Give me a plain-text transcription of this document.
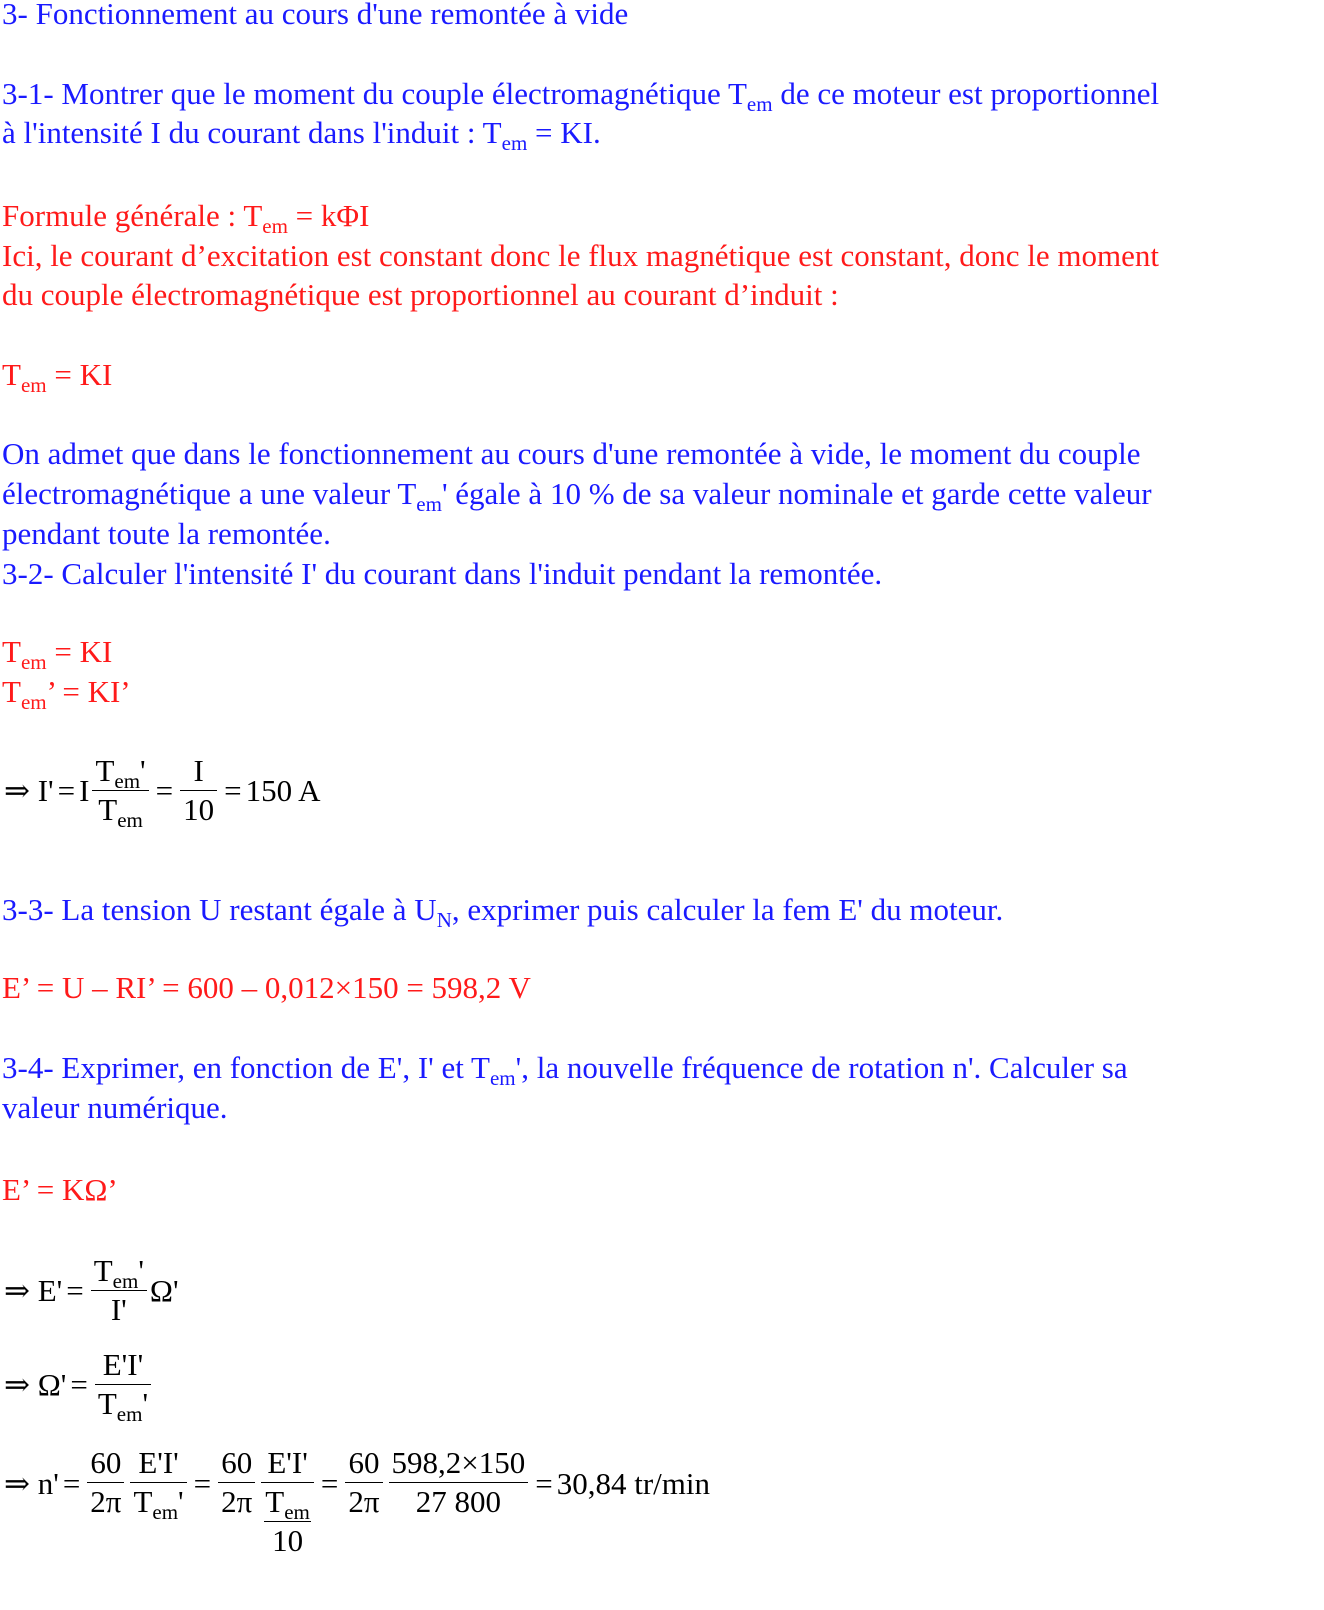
3- Fonctionnement au cours d'une remontée à vide
3-1- Montrer que le moment du couple électromagnétique $T_{em}$ de ce moteur est proportionnel
à l'intensité I du courant dans l'induit : $T_{em}$ = KI.
Formule générale : $T_{em} = k\Phi I$
Ici, le courant d’excitation est constant donc le flux magnétique est constant, donc le moment
du couple électromagnétique est proportionnel au courant d’induit :
$T_{em}$ = KI
On admet que dans le fonctionnement au cours d'une remontée à vide, le moment du couple
électromagnétique a une valeur $T_{em}'$ égale à 10 % de sa valeur nominale et garde cette valeur
pendant toute la remontée.
3-2- Calculer l'intensité I' du courant dans l'induit pendant la remontée.
$T_{em}$ = KI
$T_{em}$’ = KI’
⇒ I' = I $\frac{T_{em}'}{T_{em}} = \frac{I}{10} = 150$ A
3-3- La tension U restant égale à $U_N$, exprimer puis calculer la fem E' du moteur.
E’ = U – RI’ = 600 – 0,012×150 = 598,2 V
3-4- Exprimer, en fonction de E', I' et $T_{em}'$, la nouvelle fréquence de rotation n'. Calculer sa
valeur numérique.
E’ = KΩ’
⇒ $E' = \frac{T_{em}'}{I'} \Omega'$
⇒ $\Omega' = \frac{E'I'}{T_{em}'}$
⇒ $n' = \frac{60}{2\pi} \frac{E'I'}{T_{em}'} = \frac{60}{2\pi} \frac{E'I'}{\frac{T_{em}}{10}} = \frac{60}{2\pi} \frac{598,2\times 150}{27 800} = 30,84$ tr/min
